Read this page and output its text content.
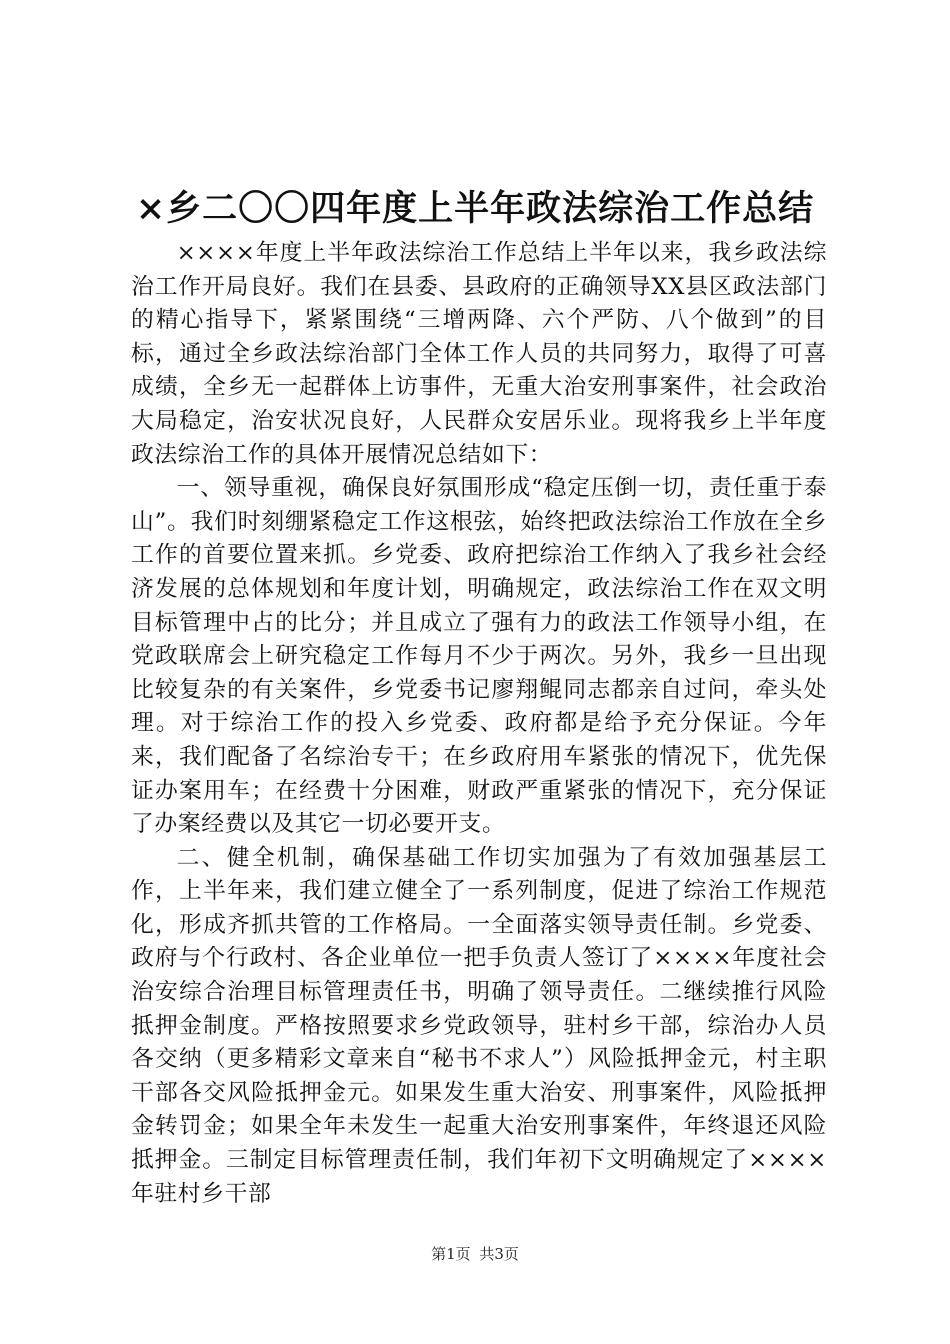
×乡二〇〇四年度上半年政法综治工作总结

××××年度上半年政法综治工作总结上半年以来，我乡政法综治工作开局良好。我们在县委、县政府的正确领导XX县区政法部门的精心指导下，紧紧围绕“三增两降、六个严防、八个做到”的目标，通过全乡政法综治部门全体工作人员的共同努力，取得了可喜成绩，全乡无一起群体上访事件，无重大治安刑事案件，社会政治大局稳定，治安状况良好，人民群众安居乐业。现将我乡上半年度政法综治工作的具体开展情况总结如下：

一、领导重视，确保良好氛围形成“稳定压倒一切，责任重于泰山”。我们时刻绷紧稳定工作这根弦，始终把政法综治工作放在全乡工作的首要位置来抓。乡党委、政府把综治工作纳入了我乡社会经济发展的总体规划和年度计划，明确规定，政法综治工作在双文明目标管理中占的比分；并且成立了强有力的政法工作领导小组，在党政联席会上研究稳定工作每月不少于两次。另外，我乡一旦出现比较复杂的有关案件，乡党委书记廖翔鲲同志都亲自过问，牵头处理。对于综治工作的投入乡党委、政府都是给予充分保证。今年来，我们配备了名综治专干；在乡政府用车紧张的情况下，优先保证办案用车；在经费十分困难，财政严重紧张的情况下，充分保证了办案经费以及其它一切必要开支。

二、健全机制，确保基础工作切实加强为了有效加强基层工作，上半年来，我们建立健全了一系列制度，促进了综治工作规范化，形成齐抓共管的工作格局。一全面落实领导责任制。乡党委、政府与个行政村、各企业单位一把手负责人签订了××××年度社会治安综合治理目标管理责任书，明确了领导责任。二继续推行风险抵押金制度。严格按照要求乡党政领导，驻村乡干部，综治办人员各交纳（更多精彩文章来自“秘书不求人”）风险抵押金元，村主职干部各交风险抵押金元。如果发生重大治安、刑事案件，风险抵押金转罚金；如果全年未发生一起重大治安刑事案件，年终退还风险抵押金。三制定目标管理责任制，我们年初下文明确规定了××××年驻村乡干部

第1页 共3页
